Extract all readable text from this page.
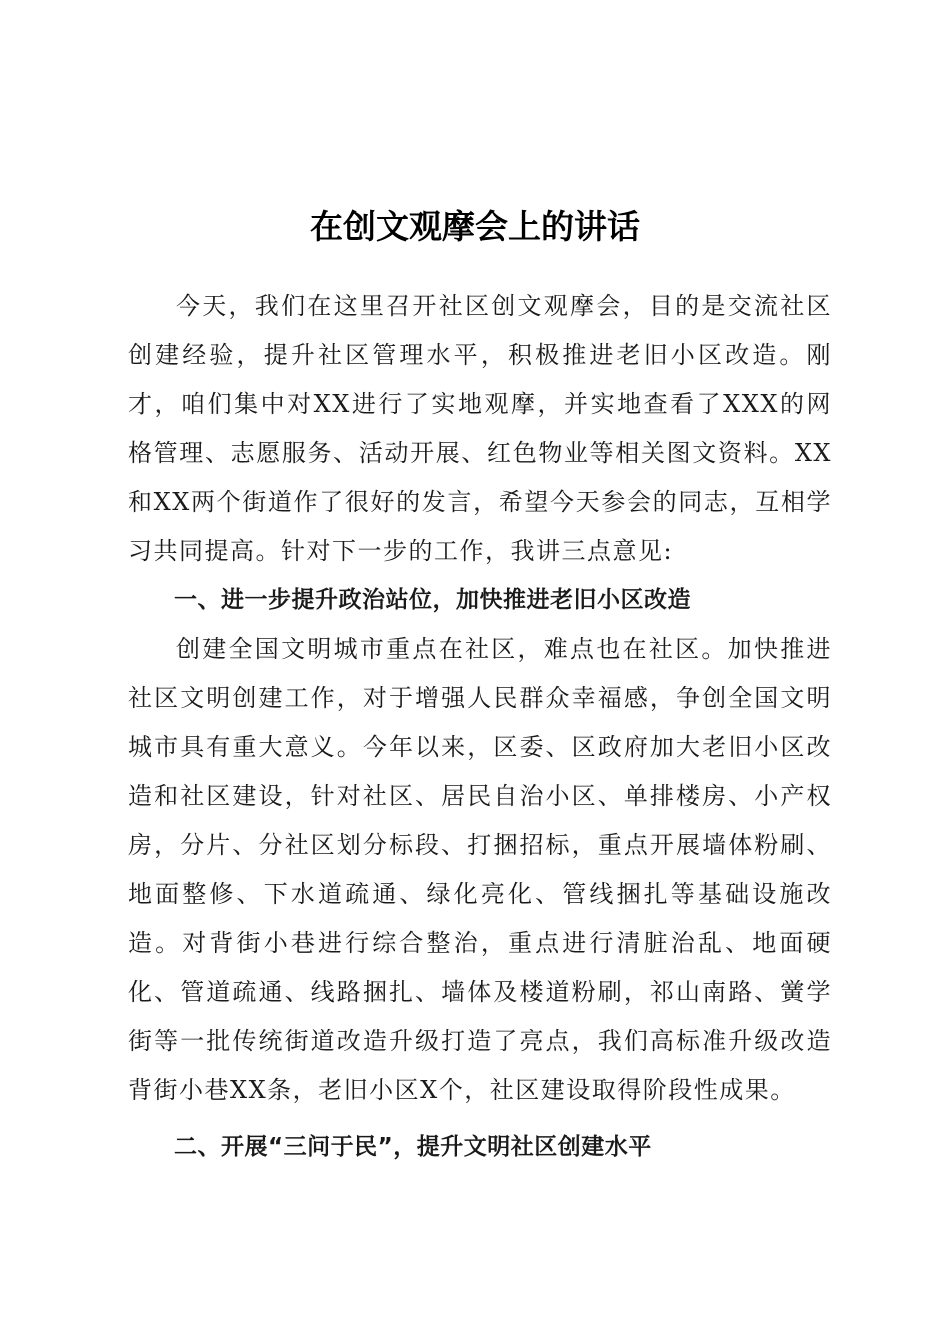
在创文观摩会上的讲话

今天，我们在这里召开社区创文观摩会，目的是交流社区创建经验，提升社区管理水平，积极推进老旧小区改造。刚才，咱们集中对XX进行了实地观摩，并实地查看了XXX的网格管理、志愿服务、活动开展、红色物业等相关图文资料。XX和XX两个街道作了很好的发言，希望今天参会的同志，互相学习共同提高。针对下一步的工作，我讲三点意见:

一、进一步提升政治站位，加快推进老旧小区改造

创建全国文明城市重点在社区，难点也在社区。加快推进社区文明创建工作，对于增强人民群众幸福感，争创全国文明城市具有重大意义。今年以来，区委、区政府加大老旧小区改造和社区建设，针对社区、居民自治小区、单排楼房、小产权房，分片、分社区划分标段、打捆招标，重点开展墙体粉刷、地面整修、下水道疏通、绿化亮化、管线捆扎等基础设施改造。对背街小巷进行综合整治，重点进行清脏治乱、地面硬化、管道疏通、线路捆扎、墙体及楼道粉刷，祁山南路、黉学街等一批传统街道改造升级打造了亮点，我们高标准升级改造背街小巷XX条，老旧小区X个，社区建设取得阶段性成果。

二、开展“三问于民”，提升文明社区创建水平
